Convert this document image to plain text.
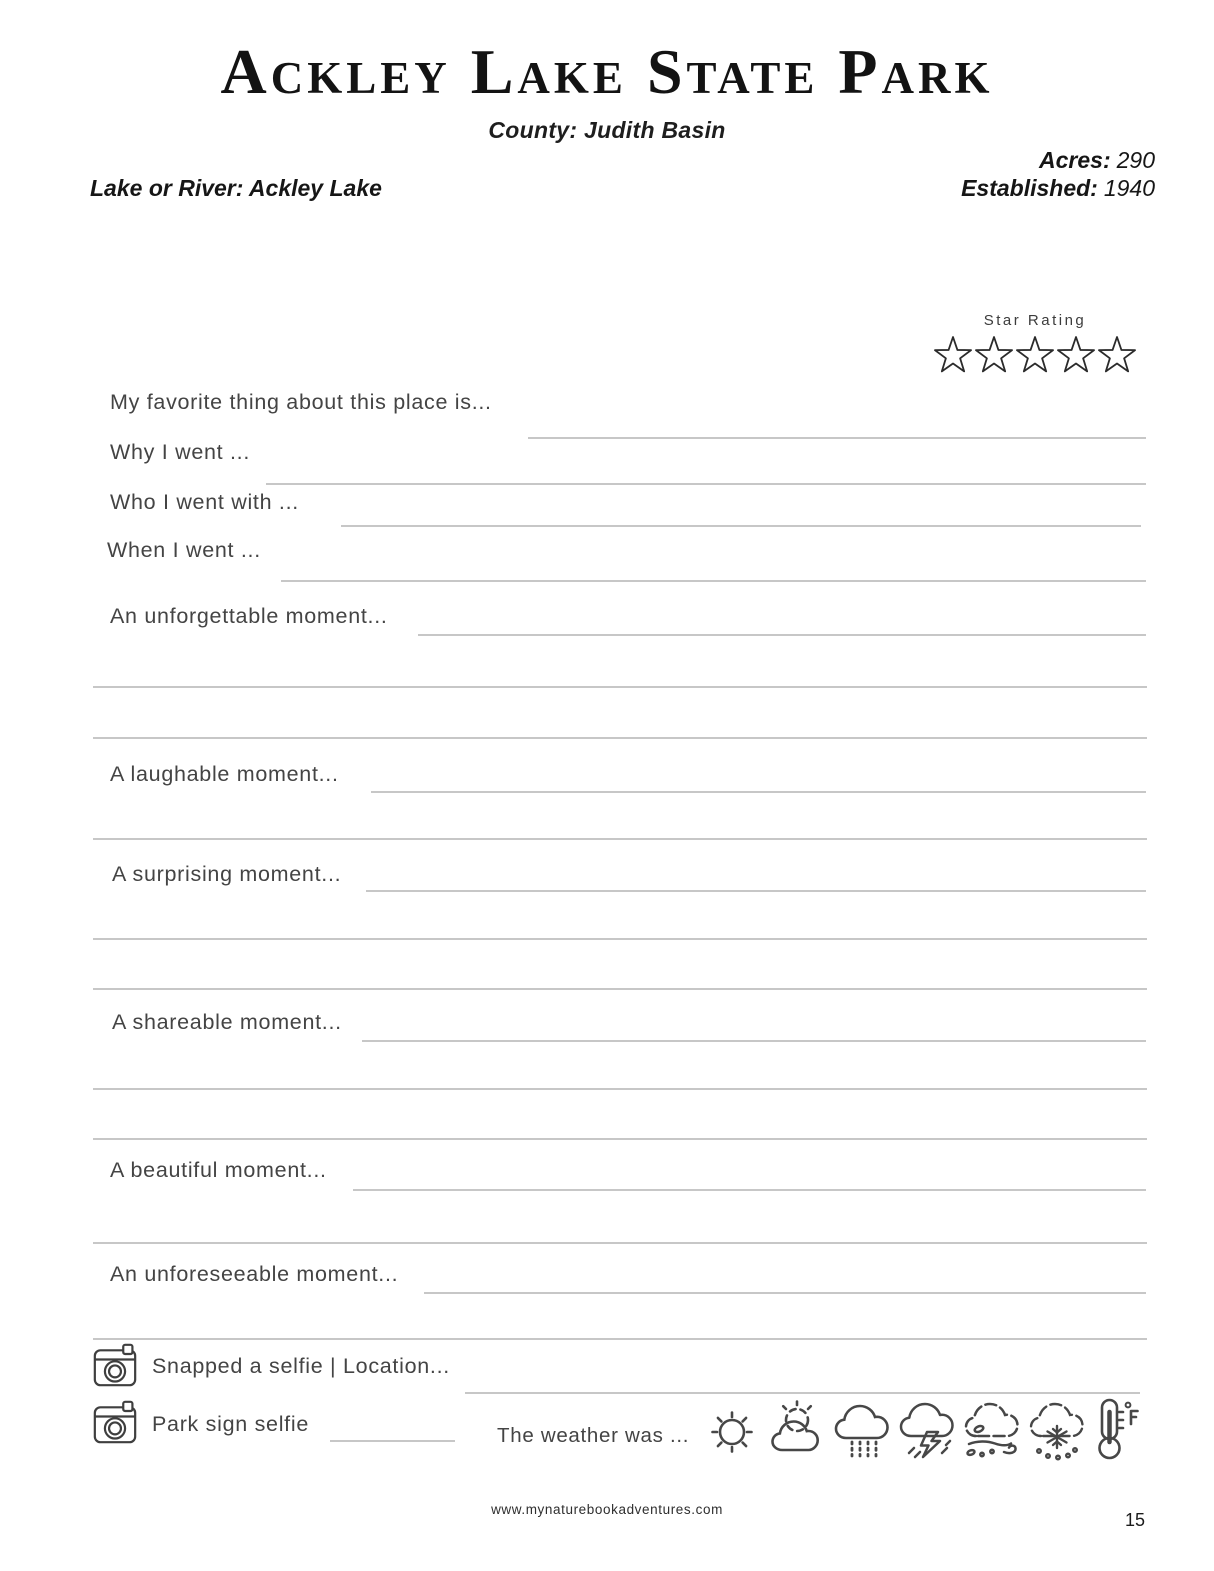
Ackley Lake State Park
County: Judith Basin
Acres: 290
Lake or River: Ackley Lake	Established: 1940
Star Rating
My favorite thing about this place is...
Why I went ...
Who I went with ...
When I went ...
An unforgettable moment...
A laughable moment...
A surprising moment...
A shareable moment...
A beautiful moment...
An unforeseeable moment...
Snapped a selfie | Location...
Park sign selfie	The weather was ...
www.mynaturebookadventures.com
15
